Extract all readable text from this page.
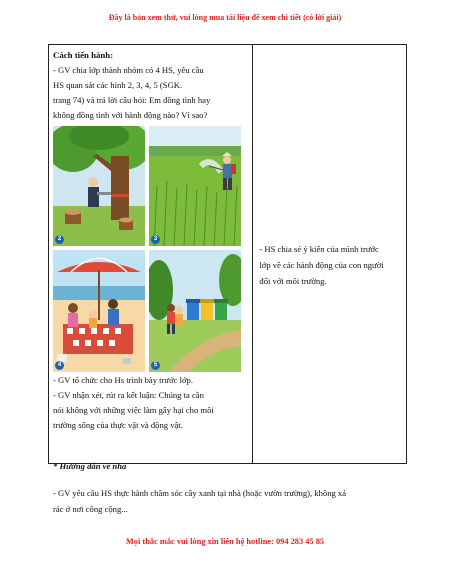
Đây là bản xem thử, vui lòng mua tài liệu để xem chi tiết (có lời giải)
Cách tiến hành:
- GV chia lớp thành nhóm có 4 HS, yêu cầu
HS quan sát các hình 2, 3, 4, 5 (SGK.
trang 74) và trả lời câu hỏi: Em đồng tình hay
không đồng tình với hành động nào? Vì sao?
2	3
4	5
- GV tổ chức cho Hs trình bày trước lớp.
- GV nhận xét, rút ra kết luận: Chúng ta cần
nói không với những việc làm gây hại cho môi
trường sống của thực vật và động vật.

- HS chia sẻ ý kiến của mình trước
lớp về các hành động của con người
đối với môi trường.
* Hướng dẫn về nhà
- GV yêu cầu HS thực hành chăm sóc cây xanh tại nhà (hoặc vườn trường), không xả
rác ở nơi công cộng...
Mọi thắc mắc vui lòng xin liên hệ hotline: 094 283 45 85
